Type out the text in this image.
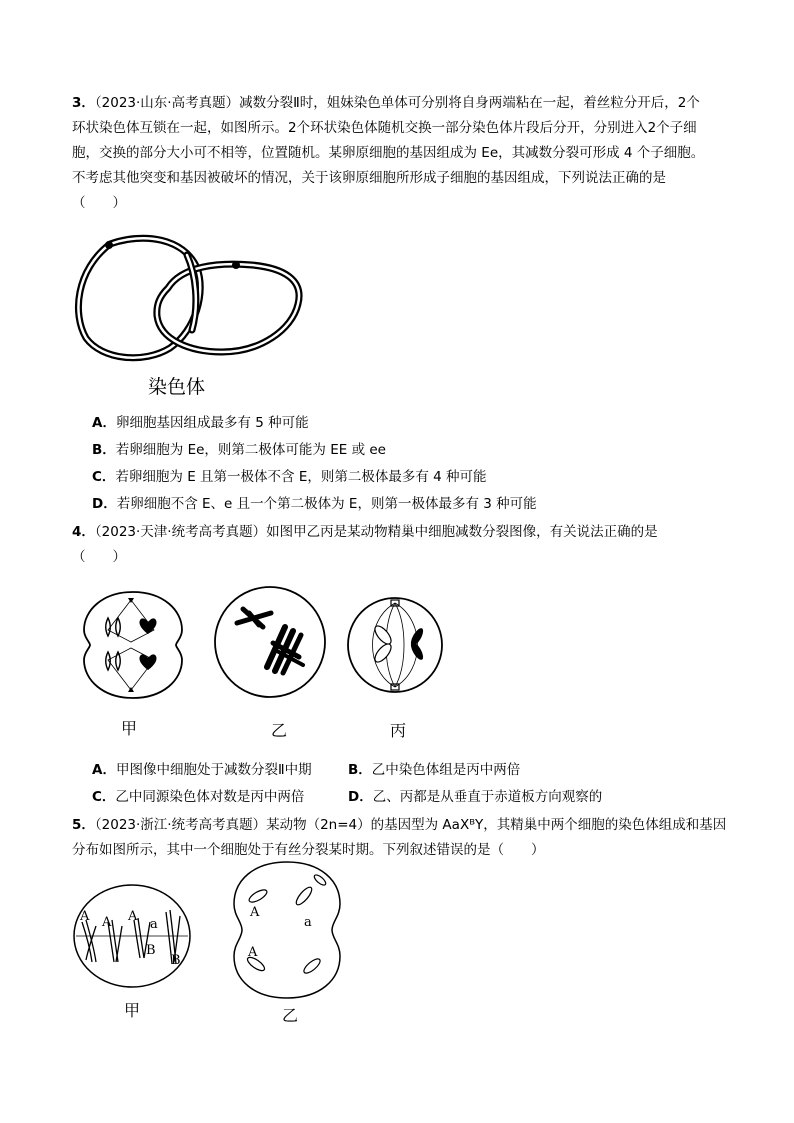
3．（2023·山东·高考真题）减数分裂Ⅱ时，姐妹染色单体可分别将自身两端粘在一起，着丝粒分开后，2个
环状染色体互锁在一起，如图所示。2个环状染色体随机交换一部分染色体片段后分开，分别进入2个子细
胞，交换的部分大小可不相等，位置随机。某卵原细胞的基因组成为 Ee，其减数分裂可形成 4 个子细胞。
不考虑其他突变和基因被破坏的情况，关于该卵原细胞所形成子细胞的基因组成，下列说法正确的是
（　　）
染色体
A．卵细胞基因组成最多有 5 种可能
B．若卵细胞为 Ee，则第二极体可能为 EE 或 ee
C．若卵细胞为 E 且第一极体不含 E，则第二极体最多有 4 种可能
D．若卵细胞不含 E、e 且一个第二极体为 E，则第一极体最多有 3 种可能
4．（2023·天津·统考高考真题）如图甲乙丙是某动物精巢中细胞减数分裂图像，有关说法正确的是
（　　）
甲	乙	丙
A．甲图像中细胞处于减数分裂Ⅱ中期	B．乙中染色体组是丙中两倍
C．乙中同源染色体对数是丙中两倍	D．乙、丙都是从垂直于赤道板方向观察的
5．（2023·浙江·统考高考真题）某动物（2n=4）的基因型为 AaXᴮY，其精巢中两个细胞的染色体组成和基因
分布如图所示，其中一个细胞处于有丝分裂某时期。下列叙述错误的是（　　）
A A A
a
B
B
甲
A
a
A
乙
